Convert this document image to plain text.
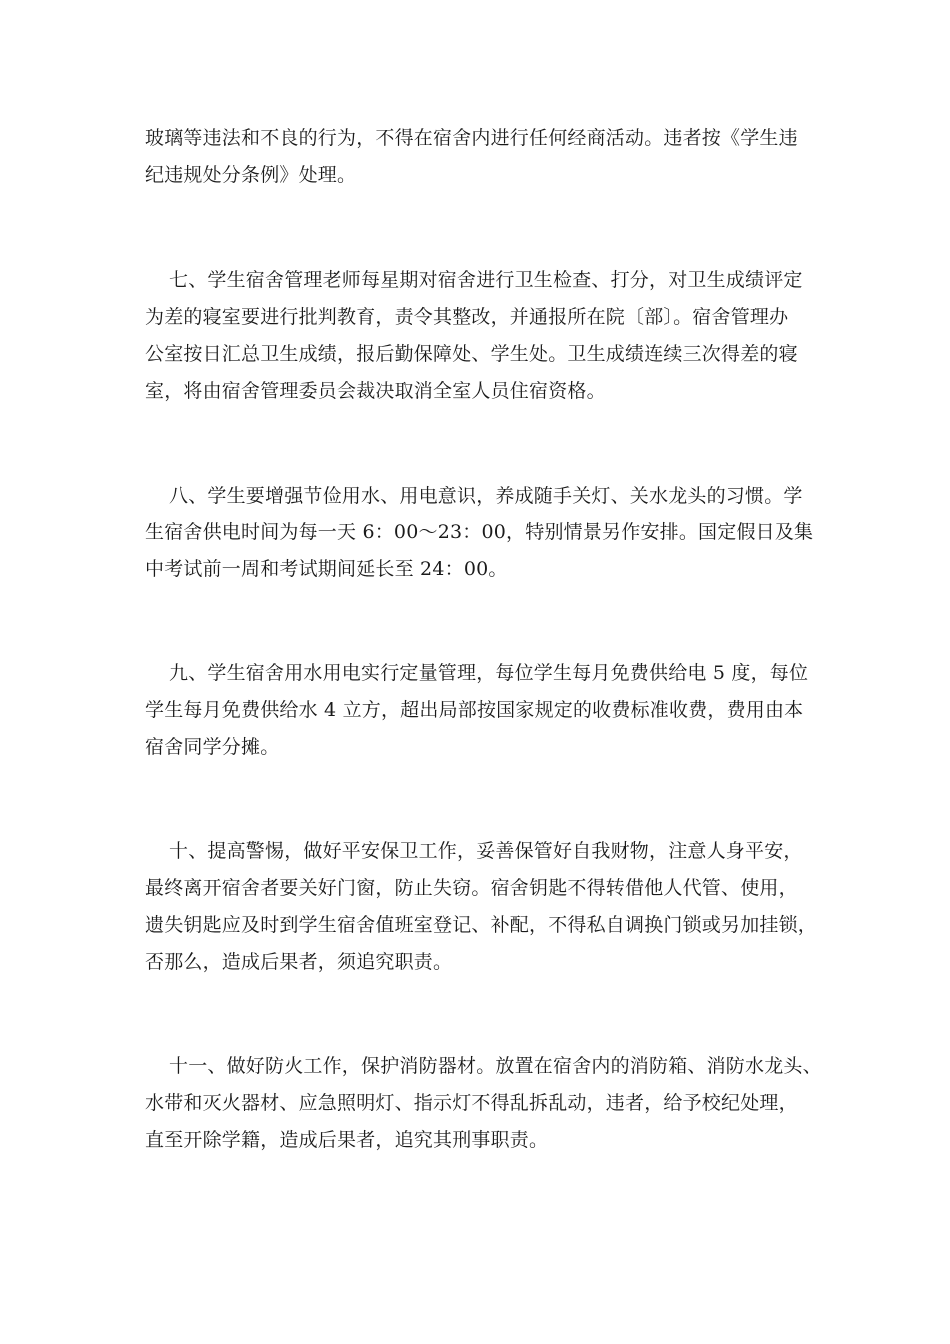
玻璃等违法和不良的行为，不得在宿舍内进行任何经商活动。违者按《学生违
纪违规处分条例》处理。
七、学生宿舍管理老师每星期对宿舍进行卫生检查、打分，对卫生成绩评定
为差的寝室要进行批判教育，责令其整改，并通报所在院〔部〕。宿舍管理办
公室按日汇总卫生成绩，报后勤保障处、学生处。卫生成绩连续三次得差的寝
室，将由宿舍管理委员会裁决取消全室人员住宿资格。
八、学生要增强节俭用水、用电意识，养成随手关灯、关水龙头的习惯。学
生宿舍供电时间为每一天 6：00～23：00，特别情景另作安排。国定假日及集
中考试前一周和考试期间延长至 24：00。
九、学生宿舍用水用电实行定量管理，每位学生每月免费供给电 5 度，每位
学生每月免费供给水 4 立方，超出局部按国家规定的收费标准收费，费用由本
宿舍同学分摊。
十、提高警惕，做好平安保卫工作，妥善保管好自我财物，注意人身平安，
最终离开宿舍者要关好门窗，防止失窃。宿舍钥匙不得转借他人代管、使用，
遗失钥匙应及时到学生宿舍值班室登记、补配，不得私自调换门锁或另加挂锁，
否那么，造成后果者，须追究职责。
十一、做好防火工作，保护消防器材。放置在宿舍内的消防箱、消防水龙头、
水带和灭火器材、应急照明灯、指示灯不得乱拆乱动，违者，给予校纪处理，
直至开除学籍，造成后果者，追究其刑事职责。
